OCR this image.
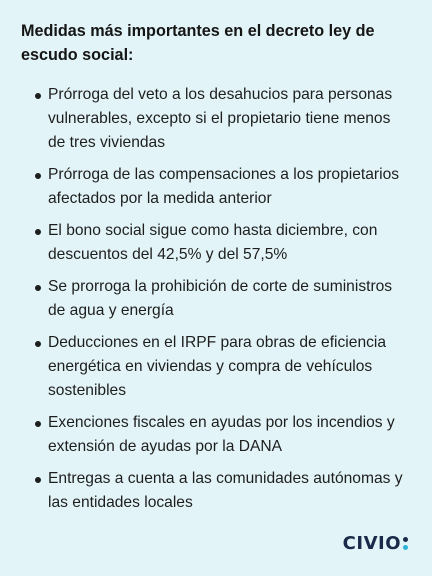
Medidas más importantes en el decreto ley de escudo social:
Prórroga del veto a los desahucios para personas vulnerables, excepto si el propietario tiene menos de tres viviendas
Prórroga de las compensaciones a los propietarios afectados por la medida anterior
El bono social sigue como hasta diciembre, con descuentos del 42,5% y del 57,5%
Se prorroga la prohibición de corte de suministros de agua y energía
Deducciones en el IRPF para obras de eficiencia energética en viviendas y compra de vehículos sostenibles
Exenciones fiscales en ayudas por los incendios y extensión de ayudas por la DANA
Entregas a cuenta a las comunidades autónomas y las entidades locales
CIVIO
